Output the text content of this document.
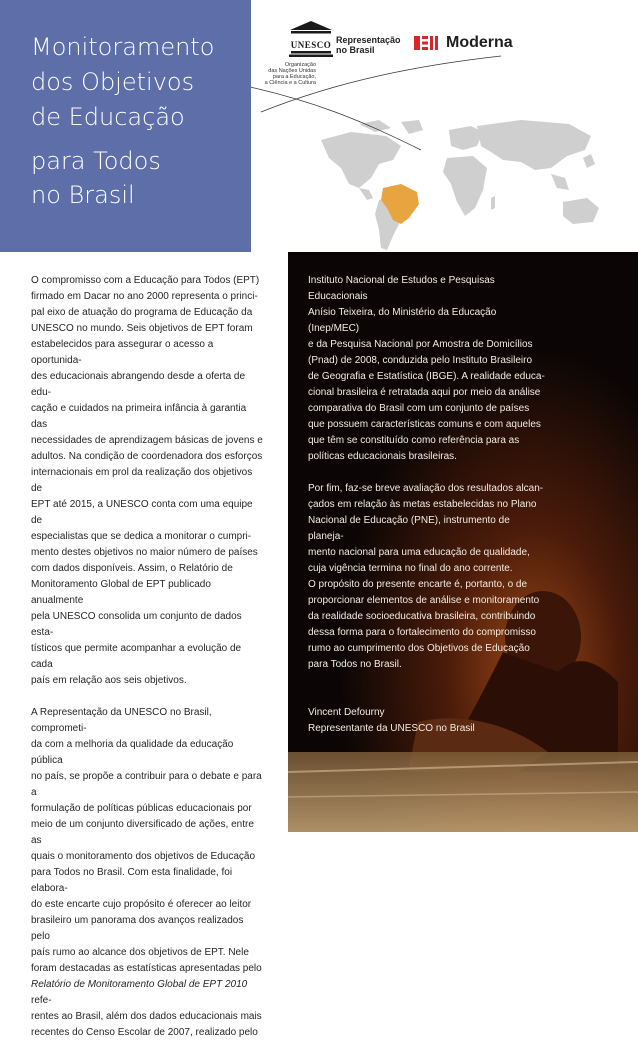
Monitoramento
dos Objetivos
de Educação
para Todos
no Brasil
UNESCO
Organização
das Nações Unidas
para a Educação,
a Ciência e a Cultura
Representação
no Brasil	Moderna

O compromisso com a Educação para Todos (EPT)

firmado em Dacar no ano 2000 representa o princi-

pal eixo de atuação do programa de Educação da

UNESCO no mundo. Seis objetivos de EPT foram

estabelecidos para assegurar o acesso a oportunida-

des educacionais abrangendo desde a oferta de edu-

cação e cuidados na primeira infância à garantia das

necessidades de aprendizagem básicas de jovens e

adultos. Na condição de coordenadora dos esforços

internacionais em prol da realização dos objetivos de

EPT até 2015, a UNESCO conta com uma equipe de

especialistas que se dedica a monitorar o cumpri-

mento destes objetivos no maior número de países

com dados disponíveis. Assim, o Relatório de

Monitoramento Global de EPT publicado anualmente

pela UNESCO consolida um conjunto de dados esta-

tísticos que permite acompanhar a evolução de cada

país em relação aos seis objetivos.

A Representação da UNESCO no Brasil, comprometi-

da com a melhoria da qualidade da educação pública

no país, se propõe a contribuir para o debate e para a

formulação de políticas públicas educacionais por

meio de um conjunto diversificado de ações, entre as

quais o monitoramento dos objetivos de Educação

para Todos no Brasil. Com esta finalidade, foi elabora-

do este encarte cujo propósito é oferecer ao leitor

brasileiro um panorama dos avanços realizados pelo

país rumo ao alcance dos objetivos de EPT. Nele

foram destacadas as estatísticas apresentadas pelo

Relatório de Monitoramento Global de EPT 2010 refe-

rentes ao Brasil, além dos dados educacionais mais

recentes do Censo Escolar de 2007, realizado pelo

Instituto Nacional de Estudos e Pesquisas Educacionais

Anísio Teixeira, do Ministério da Educação (Inep/MEC)

e da Pesquisa Nacional por Amostra de Domicílios

(Pnad) de 2008, conduzida pelo Instituto Brasileiro

de Geografia e Estatística (IBGE). A realidade educa-

cional brasileira é retratada aqui por meio da análise

comparativa do Brasil com um conjunto de países

que possuem características comuns e com aqueles

que têm se constituído como referência para as

políticas educacionais brasileiras.

Por fim, faz-se breve avaliação dos resultados alcan-

çados em relação às metas estabelecidas no Plano

Nacional de Educação (PNE), instrumento de planeja-

mento nacional para uma educação de qualidade,

cuja vigência termina no final do ano corrente.

O propósito do presente encarte é, portanto, o de

proporcionar elementos de análise e monitoramento

da realidade socioeducativa brasileira, contribuindo

dessa forma para o fortalecimento do compromisso

rumo ao cumprimento dos Objetivos de Educação

para Todos no Brasil.

Vincent Defourny

Representante da UNESCO no Brasil
